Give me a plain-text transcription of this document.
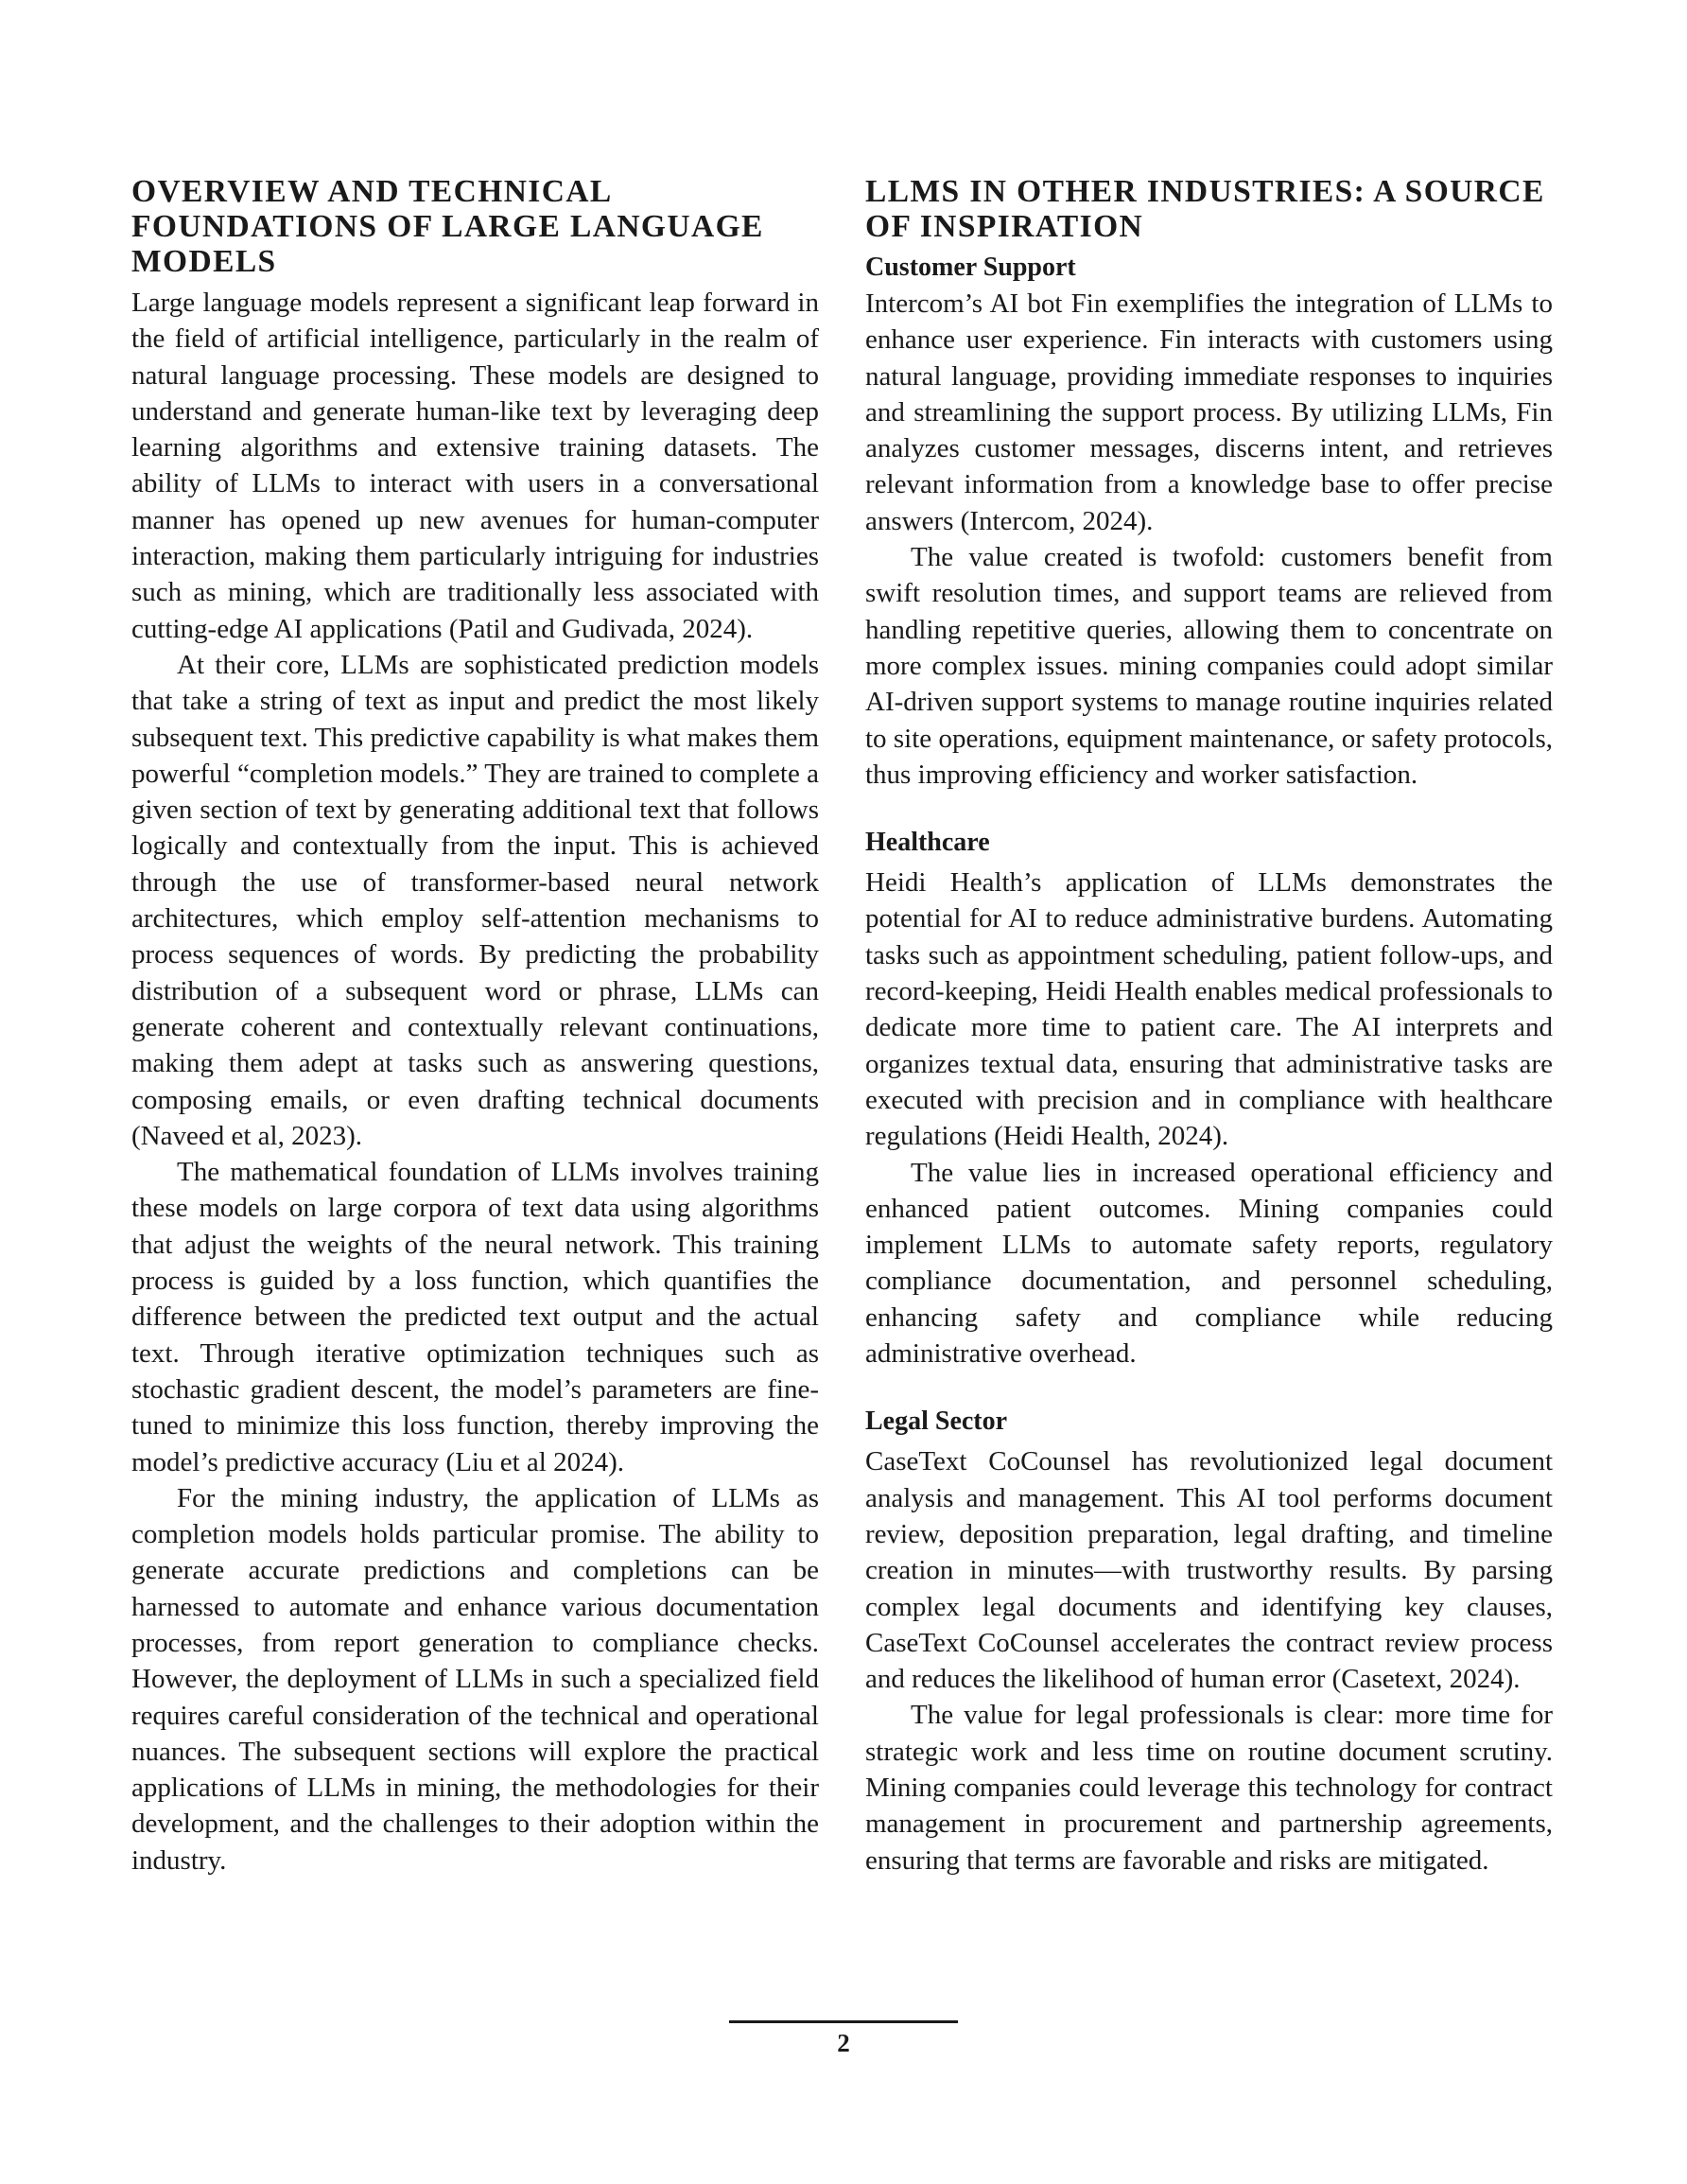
OVERVIEW AND TECHNICAL FOUNDATIONS OF LARGE LANGUAGE MODELS

Large language models represent a significant leap forward in the field of artificial intelligence, particularly in the realm of natural language processing. These models are designed to understand and generate human-like text by leveraging deep learning algorithms and extensive training datasets. The ability of LLMs to interact with users in a conversational manner has opened up new avenues for human-computer interaction, making them particularly intriguing for industries such as mining, which are traditionally less associated with cutting-edge AI applications (Patil and Gudivada, 2024).

At their core, LLMs are sophisticated prediction models that take a string of text as input and predict the most likely subsequent text. This predictive capability is what makes them powerful “completion models.” They are trained to complete a given section of text by generating additional text that follows logically and contextually from the input. This is achieved through the use of transformer-based neural network architectures, which employ self-attention mechanisms to process sequences of words. By predicting the probability distribution of a subsequent word or phrase, LLMs can generate coherent and contextually relevant continuations, making them adept at tasks such as answering questions, composing emails, or even drafting technical documents (Naveed et al, 2023).

The mathematical foundation of LLMs involves training these models on large corpora of text data using algorithms that adjust the weights of the neural network. This training process is guided by a loss function, which quantifies the difference between the predicted text output and the actual text. Through iterative optimization techniques such as stochastic gradient descent, the model’s parameters are fine-tuned to minimize this loss function, thereby improving the model’s predictive accuracy (Liu et al 2024).

For the mining industry, the application of LLMs as completion models holds particular promise. The ability to generate accurate predictions and completions can be harnessed to automate and enhance various documentation processes, from report generation to compliance checks. However, the deployment of LLMs in such a specialized field requires careful consideration of the technical and operational nuances. The subsequent sections will explore the practical applications of LLMs in mining, the methodologies for their development, and the challenges to their adoption within the industry.

LLMS IN OTHER INDUSTRIES: A SOURCE OF INSPIRATION
Customer Support

Intercom’s AI bot Fin exemplifies the integration of LLMs to enhance user experience. Fin interacts with customers using natural language, providing immediate responses to inquiries and streamlining the support process. By utilizing LLMs, Fin analyzes customer messages, discerns intent, and retrieves relevant information from a knowledge base to offer precise answers (Intercom, 2024).

The value created is twofold: customers benefit from swift resolution times, and support teams are relieved from handling repetitive queries, allowing them to concentrate on more complex issues. mining companies could adopt similar AI-driven support systems to manage routine inquiries related to site operations, equipment maintenance, or safety protocols, thus improving efficiency and worker satisfaction.

Healthcare

Heidi Health’s application of LLMs demonstrates the potential for AI to reduce administrative burdens. Automating tasks such as appointment scheduling, patient follow-ups, and record-keeping, Heidi Health enables medical professionals to dedicate more time to patient care. The AI interprets and organizes textual data, ensuring that administrative tasks are executed with precision and in compliance with healthcare regulations (Heidi Health, 2024).

The value lies in increased operational efficiency and enhanced patient outcomes. Mining companies could implement LLMs to automate safety reports, regulatory compliance documentation, and personnel scheduling, enhancing safety and compliance while reducing administrative overhead.

Legal Sector

CaseText CoCounsel has revolutionized legal document analysis and management. This AI tool performs document review, deposition preparation, legal drafting, and timeline creation in minutes—with trustworthy results. By parsing complex legal documents and identifying key clauses, CaseText CoCounsel accelerates the contract review process and reduces the likelihood of human error (Casetext, 2024).

The value for legal professionals is clear: more time for strategic work and less time on routine document scrutiny. Mining companies could leverage this technology for contract management in procurement and partnership agreements, ensuring that terms are favorable and risks are mitigated.

2
